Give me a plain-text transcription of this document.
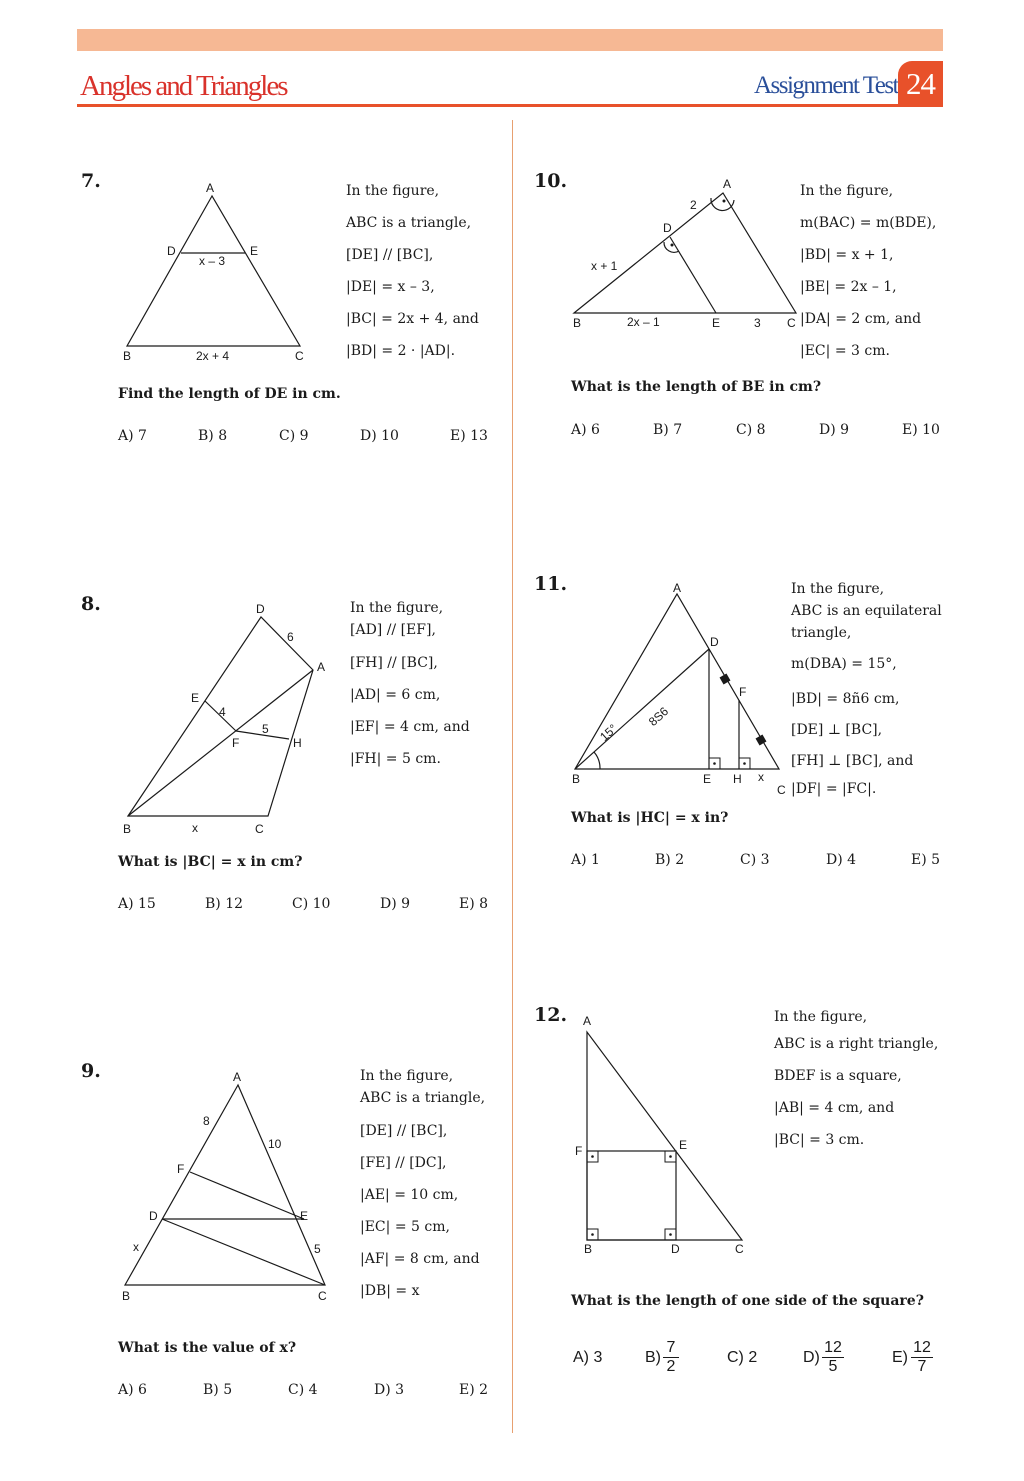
Angles and Triangles	Assignment Test 24
7.	A
D	E
x – 3
B	C
2x + 4
In the figure,
ABC is a triangle,
[DE] // [BC],
|DE| = x – 3,
|BC| = 2x + 4, and
|BD| = 2 · |AD|.
Find the length of DE in cm.
A) 7	B) 8	C) 9	D) 10	E) 13
8.	D
6
A
E
4
5
F	H
B	x	C
In the figure,
[AD] // [EF],
[FH] // [BC],
|AD| = 6 cm,
|EF| = 4 cm, and
|FH| = 5 cm.
What is |BC| = x in cm?
A) 15	B) 12	C) 10	D) 9	E) 8
9.	A
8
10
F
D	E
x	5
B	C
In the figure,
ABC is a triangle,
[DE] // [BC],
[FE] // [DC],
|AE| = 10 cm,
|EC| = 5 cm,
|AF| = 8 cm, and
|DB| = x
What is the value of x?
A) 6	B) 5	C) 4	D) 3	E) 2
10.	A
2
D
x + 1
B	2x – 1	E	3 C
In the figure,
m(BAC) = m(BDE),
|BD| = x + 1,
|BE| = 2x – 1,
|DA| = 2 cm, and
|EC| = 3 cm.
What is the length of BE in cm?
A) 6	B) 7	C) 8	D) 9	E) 10
11.	A
D
F
15°
8S6
B	E H x
C
In the figure,
ABC is an equilateral
triangle,
m(DBA) = 15°,
|BD| = 8ñ6 cm,
[DE] ⊥ [BC],
[FH] ⊥ [BC], and
|DF| = |FC|.
What is |HC| = x in?
A) 1	B) 2	C) 3	D) 4	E) 5
12. A
F	E
B	D	C
In the figure,
ABC is a right triangle,
BDEF is a square,
|AB| = 4 cm, and
|BC| = 3 cm.
What is the length of one side of the square?
A) 3	$B) \frac{7}{2}$	C) 2	$D) \frac{12}{5}$	$E) \frac{12}{7}$
